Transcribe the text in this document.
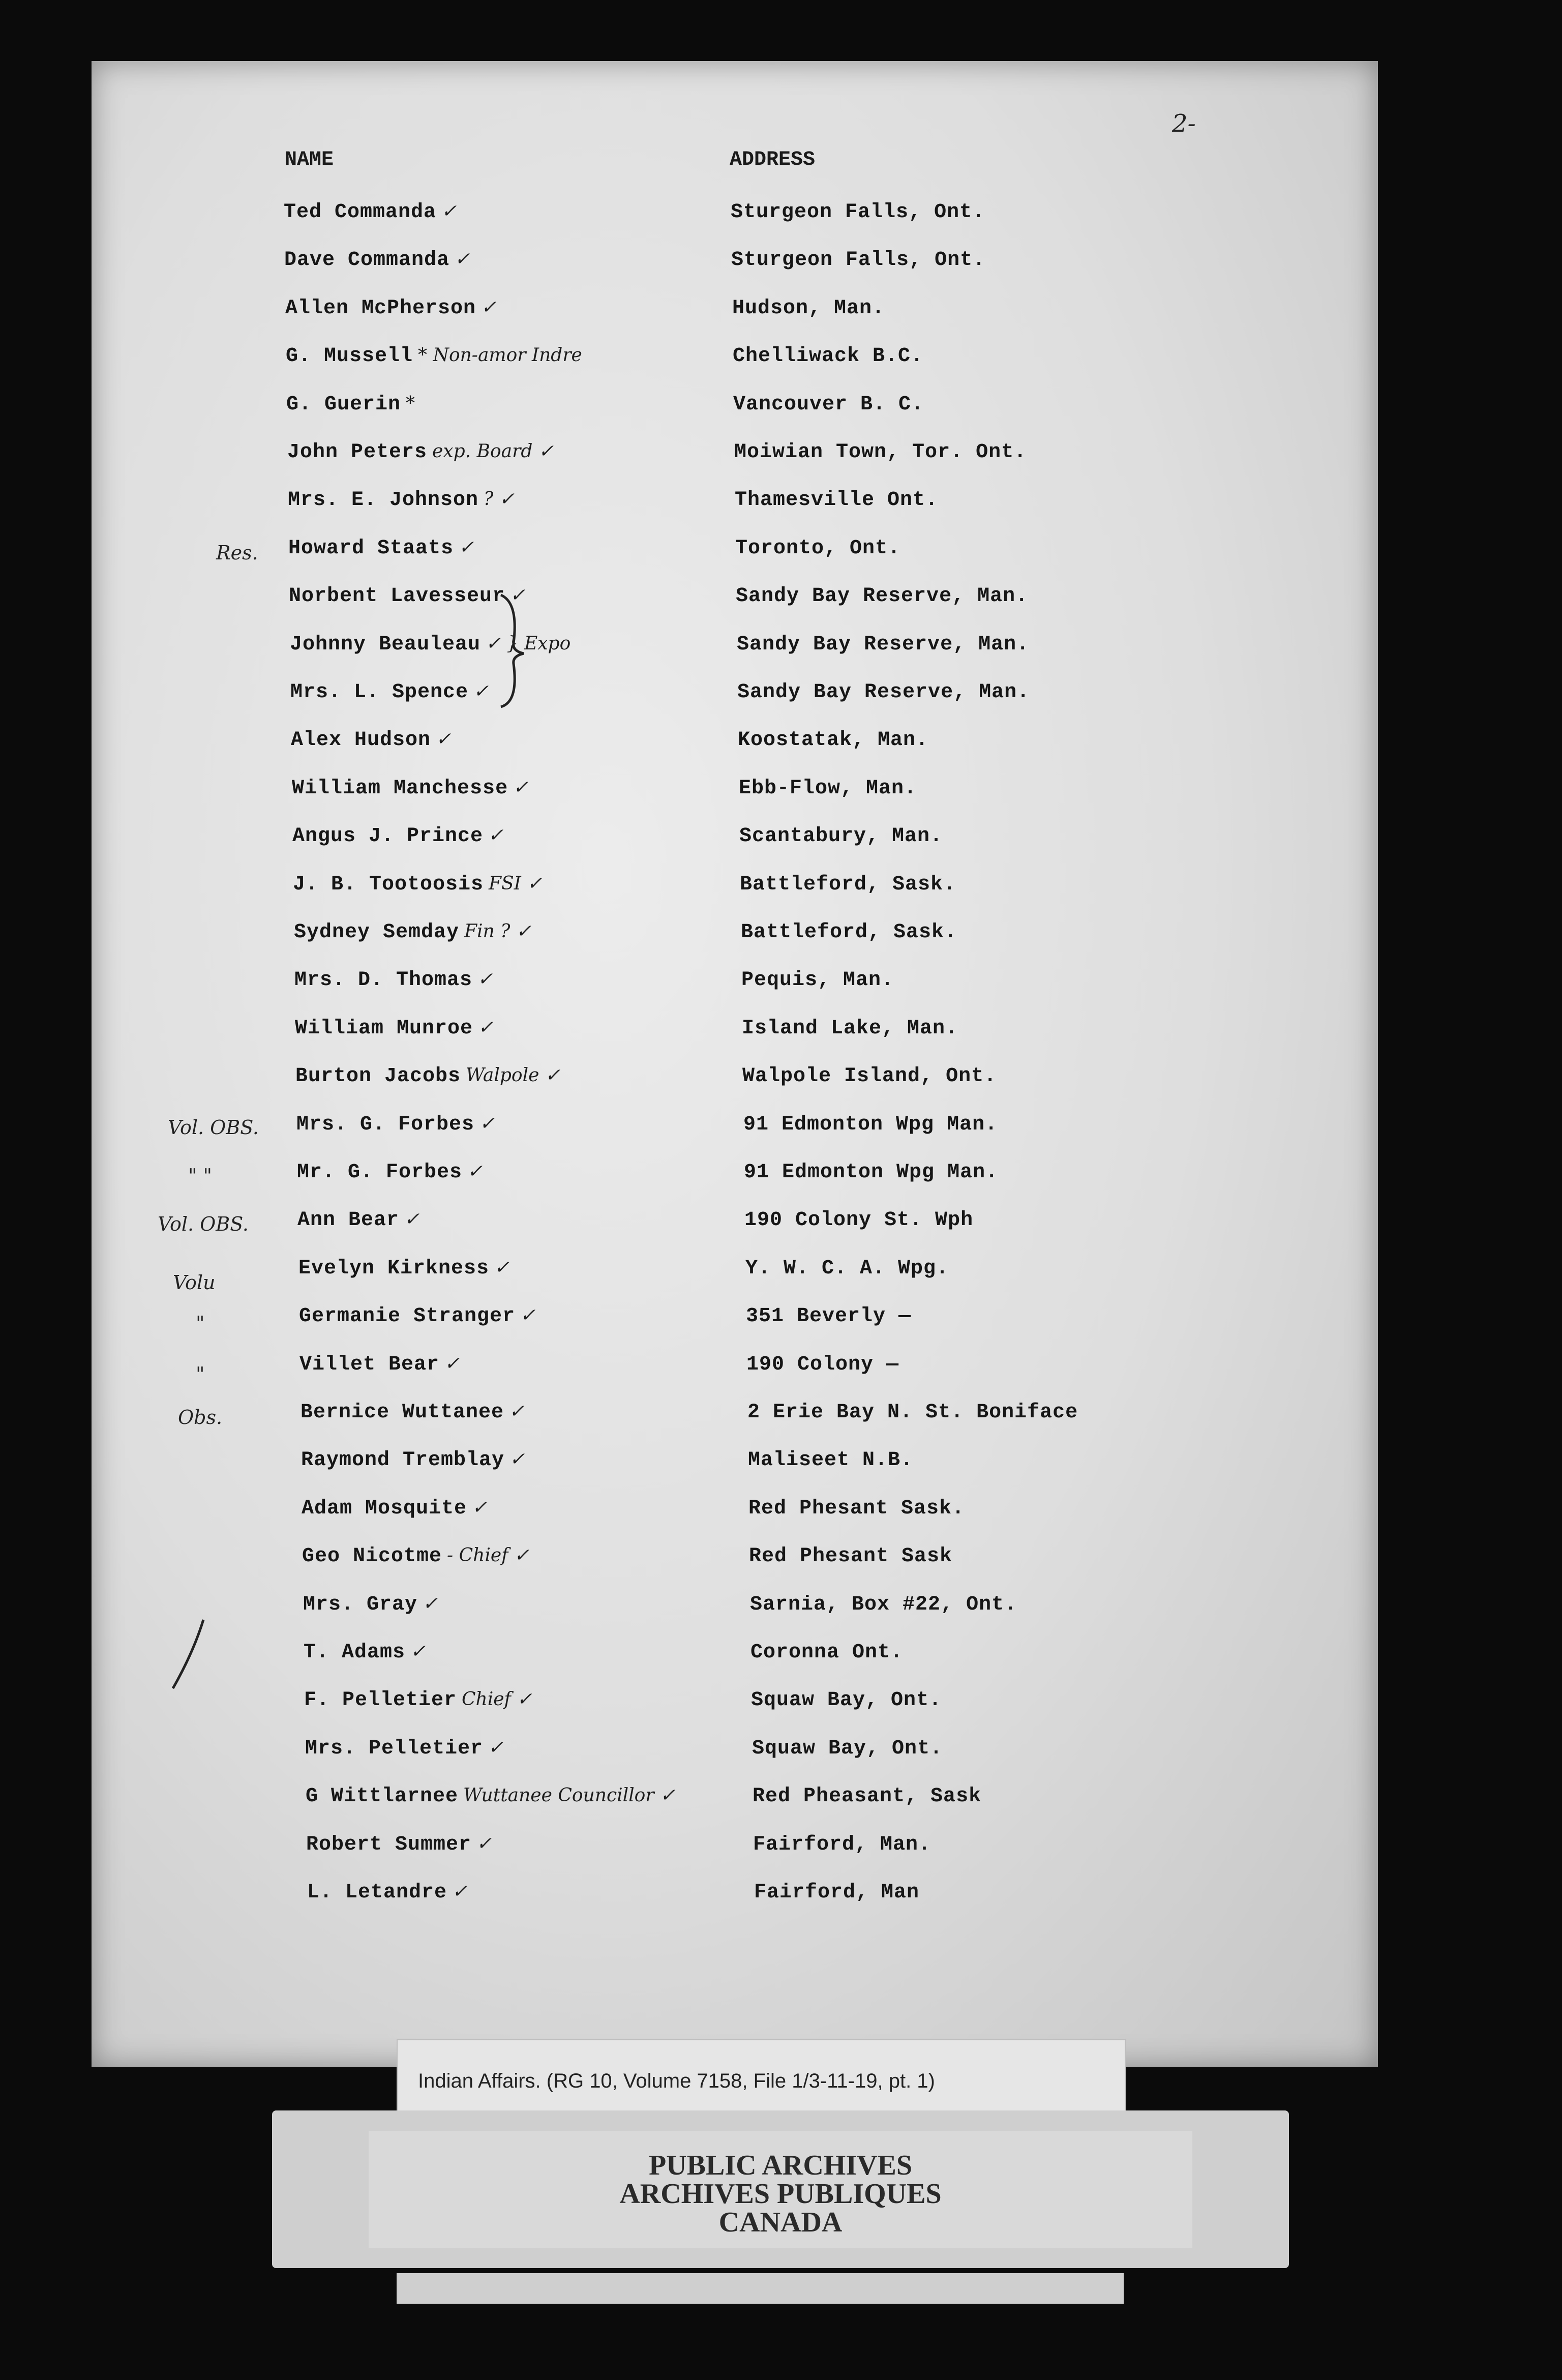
2-
NAME	ADDRESS
Ted Commanda ✓	Sturgeon Falls, Ont.
Dave Commanda ✓	Sturgeon Falls, Ont.
Allen McPherson ✓	Hudson, Man.
G. Mussell * Non-amor Indre	Chelliwack B.C.
G. Guerin *	Vancouver B. C.
John Peters exp. Board ✓	Moiwian Town, Tor. Ont.
Mrs. E. Johnson ? ✓	Thamesville Ont.
Howard Staats ✓	Toronto, Ont.
Norbent Lavesseur ✓	Sandy Bay Reserve, Man.
Johnny Beauleau ✓ } Expo	Sandy Bay Reserve, Man.
Mrs. L. Spence ✓	Sandy Bay Reserve, Man.
Alex Hudson ✓	Koostatak, Man.
William Manchesse ✓	Ebb-Flow, Man.
Angus J. Prince ✓	Scantabury, Man.
J. B. Tootoosis FSI ✓	Battleford, Sask.
Sydney Semday Fin ? ✓	Battleford, Sask.
Mrs. D. Thomas ✓	Pequis, Man.
William Munroe ✓	Island Lake, Man.
Burton Jacobs Walpole ✓	Walpole Island, Ont.
Mrs. G. Forbes ✓	91 Edmonton Wpg Man.
Mr. G. Forbes ✓	91 Edmonton Wpg Man.
Ann Bear ✓	190 Colony St. Wph
Evelyn Kirkness ✓	Y. W. C. A. Wpg.
Germanie Stranger ✓	351 Beverly —
Villet Bear ✓	190 Colony —
Bernice Wuttanee ✓	2 Erie Bay N. St. Boniface
Raymond Tremblay ✓	Maliseet N.B.
Adam Mosquite ✓	Red Phesant Sask.
Geo Nicotme - Chief ✓	Red Phesant Sask
Mrs. Gray ✓	Sarnia, Box #22, Ont.
T. Adams ✓	Coronna Ont.
F. Pelletier Chief ✓	Squaw Bay, Ont.
Mrs. Pelletier ✓	Squaw Bay, Ont.
G Wittlarnee Wuttanee Councillor ✓	Red Pheasant, Sask
Robert Summer ✓	Fairford, Man.
L. Letandre ✓	Fairford, Man
Res.
Vol. OBS.
" "
Vol. OBS.
Volu
"
"
Obs.
Indian Affairs. (RG 10, Volume 7158, File 1/3-11-19, pt. 1)
PUBLIC ARCHIVES
ARCHIVES PUBLIQUES
CANADA
